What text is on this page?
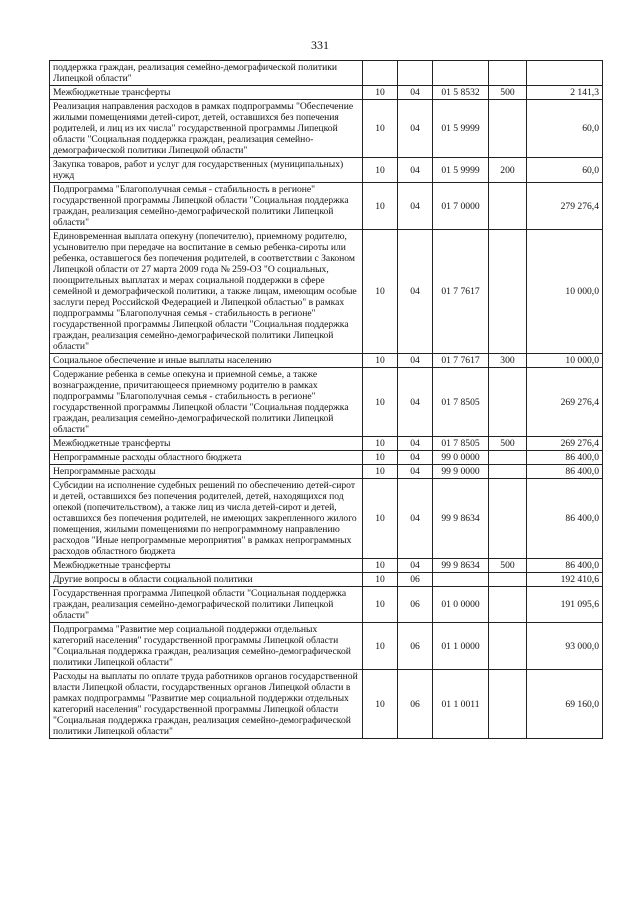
331
поддержка граждан, реализация семейно-демографической политики Липецкой области"					
Межбюджетные трансферты	10	04	01 5 8532	500	2 141,3
Реализация направления расходов в рамках подпрограммы "Обеспечение жилыми помещениями детей-сирот, детей, оставшихся без попечения родителей, и лиц из их числа" государственной программы Липецкой области "Социальная поддержка граждан, реализация семейно-демографической политики Липецкой области"	10	04	01 5 9999		60,0
Закупка товаров, работ и услуг для государственных (муниципальных) нужд	10	04	01 5 9999	200	60,0
Подпрограмма "Благополучная семья - стабильность в регионе" государственной программы Липецкой области "Социальная поддержка граждан, реализация семейно-демографической политики Липецкой области"	10	04	01 7 0000		279 276,4
Единовременная выплата опекуну (попечителю), приемному родителю, усыновителю при передаче на воспитание в семью ребенка-сироты или ребенка, оставшегося без попечения родителей, в соответствии с Законом Липецкой области от 27 марта 2009 года № 259-ОЗ "О социальных, поощрительных выплатах и мерах социальной поддержки в сфере семейной и демографической политики, а также лицам, имеющим особые заслуги перед Российской Федерацией и Липецкой областью" в рамках подпрограммы "Благополучная семья - стабильность в регионе" государственной программы Липецкой области "Социальная поддержка граждан, реализация семейно-демографической политики Липецкой области"	10	04	01 7 7617		10 000,0
Социальное обеспечение и иные выплаты населению	10	04	01 7 7617	300	10 000,0
Содержание ребенка в семье опекуна и приемной семье, а также вознаграждение, причитающееся приемному родителю в рамках подпрограммы "Благополучная семья - стабильность в регионе" государственной программы Липецкой области "Социальная поддержка граждан, реализация семейно-демографической политики Липецкой области"	10	04	01 7 8505		269 276,4
Межбюджетные трансферты	10	04	01 7 8505	500	269 276,4
Непрограммные расходы областного бюджета	10	04	99 0 0000		86 400,0
Непрограммные расходы	10	04	99 9 0000		86 400,0
Субсидии на исполнение судебных решений по обеспечению детей-сирот и детей, оставшихся без попечения родителей, детей, находящихся под опекой (попечительством), а также лиц из числа детей-сирот и детей, оставшихся без попечения родителей, не имеющих закрепленного жилого помещения, жилыми помещениями по непрограммному направлению расходов "Иные непрограммные мероприятия" в рамках непрограммных расходов областного бюджета	10	04	99 9 8634		86 400,0
Межбюджетные трансферты	10	04	99 9 8634	500	86 400,0
Другие вопросы в области социальной политики	10	06			192 410,6
Государственная программа Липецкой области "Социальная поддержка граждан, реализация семейно-демографической политики Липецкой области"	10	06	01 0 0000		191 095,6
Подпрограмма "Развитие мер социальной поддержки отдельных категорий населения" государственной программы Липецкой области "Социальная поддержка граждан, реализация семейно-демографической политики Липецкой области"	10	06	01 1 0000		93 000,0
Расходы на выплаты по оплате труда работников органов государственной власти Липецкой области, государственных органов Липецкой области в рамках подпрограммы "Развитие мер социальной поддержки отдельных категорий населения" государственной программы Липецкой области "Социальная поддержка граждан, реализация семейно-демографической политики Липецкой области"	10	06	01 1 0011		69 160,0
